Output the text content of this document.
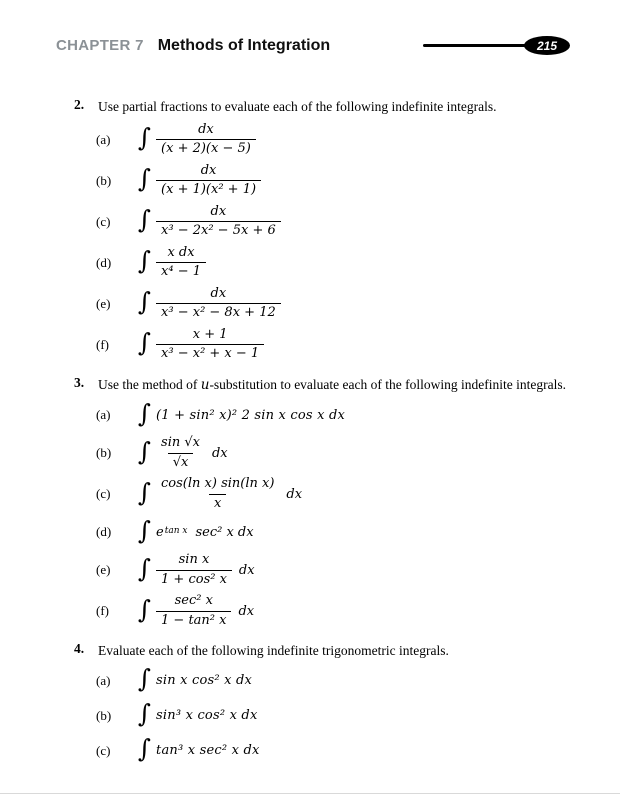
CHAPTER 7 Methods of Integration	215
2.	Use partial fractions to evaluate each of the following indefinite integrals.
(a)	∫ $\frac{dx}{(x + 2)(x - 5)}$
(b)	∫ $\frac{dx}{\text{(x + 1)(x² + 1)}}$
(c)	∫ $\frac{dx}{\text{x³ − 2x² − 5x + 6}}$
(d)	∫ $\frac{\text{x dx}}{\text{x⁴ − 1}}$
(e)	∫ $\frac{dx}{\text{x³ − x² − 8x + 12}}$
(f)	∫ $\frac{x + 1}{\text{x³ − x² + x − 1}}$
3.	Use the method of u-substitution to evaluate each of the following indefinite integrals.
(a)	∫ (1 + sin² x)² 2 sin x cos x dx
(b)	∫ $\frac{\sin √x}{√x}$ dx
(c)	∫ $\frac{\text{cos(ln x) sin(ln x)}}{x}$ dx
(d)	∫ e tan x sec² x dx
(e)	∫ $\frac{\text{sin x}}{\text{1 + cos² x}}$ dx
(f)	∫ $\frac{\text{sec² x}}{\text{1 − tan² x}}$ dx
4.	Evaluate each of the following indefinite trigonometric integrals.
(a)	∫ sin x cos² x dx
(b)	∫ sin³ x cos² x dx
(c)	∫ tan³ x sec² x dx
